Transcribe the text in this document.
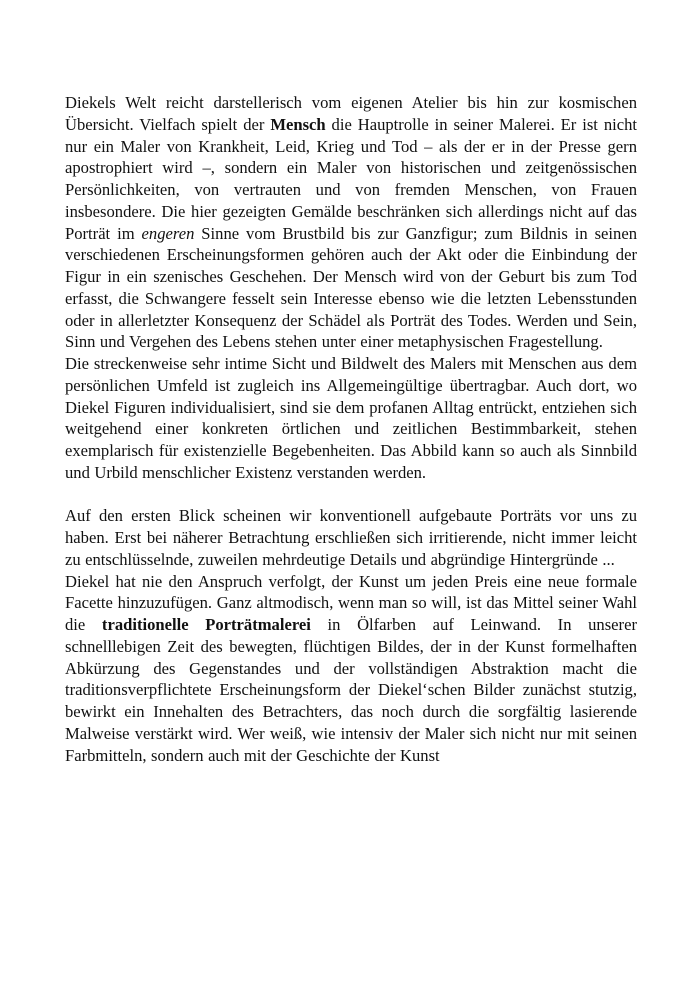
Diekels Welt reicht darstellerisch vom eigenen Atelier bis hin zur kosmischen Übersicht. Vielfach spielt der Mensch die Hauptrolle in seiner Malerei. Er ist nicht nur ein Maler von Krankheit, Leid, Krieg und Tod – als der er in der Presse gern apostrophiert wird –, sondern ein Maler von historischen und zeitgenössischen Persönlichkeiten, von vertrauten und von fremden Menschen, von Frauen insbesondere. Die hier gezeigten Gemälde beschränken sich allerdings nicht auf das Porträt im engeren Sinne vom Brustbild bis zur Ganzfigur; zum Bildnis in seinen verschiedenen Erscheinungsformen gehören auch der Akt oder die Einbindung der Figur in ein szenisches Geschehen. Der Mensch wird von der Geburt bis zum Tod erfasst, die Schwangere fesselt sein Interesse ebenso wie die letzten Lebensstunden oder in allerletzter Konsequenz der Schädel als Porträt des Todes. Werden und Sein, Sinn und Vergehen des Lebens stehen unter einer metaphysischen Fragestellung.

Die streckenweise sehr intime Sicht und Bildwelt des Malers mit Menschen aus dem persönlichen Umfeld ist zugleich ins Allgemeingültige übertragbar. Auch dort, wo Diekel Figuren individualisiert, sind sie dem profanen Alltag entrückt, entziehen sich weitgehend einer konkreten örtlichen und zeitlichen Bestimmbarkeit, stehen exemplarisch für existenzielle Begebenheiten. Das Abbild kann so auch als Sinnbild und Urbild menschlicher Existenz verstanden werden.

Auf den ersten Blick scheinen wir konventionell aufgebaute Porträts vor uns zu haben. Erst bei näherer Betrachtung erschließen sich irritierende, nicht immer leicht zu entschlüsselnde, zuweilen mehrdeutige Details und abgründige Hintergründe ...

Diekel hat nie den Anspruch verfolgt, der Kunst um jeden Preis eine neue formale Facette hinzuzufügen. Ganz altmodisch, wenn man so will, ist das Mittel seiner Wahl die traditionelle Porträtmalerei in Ölfarben auf Leinwand. In unserer schnelllebigen Zeit des bewegten, flüchtigen Bildes, der in der Kunst formelhaften Abkürzung des Gegenstandes und der vollständigen Abstraktion macht die traditionsverpflichtete Erscheinungsform der Diekel‘schen Bilder zunächst stutzig, bewirkt ein Innehalten des Betrachters, das noch durch die sorgfältig lasierende Malweise verstärkt wird. Wer weiß, wie intensiv der Maler sich nicht nur mit seinen Farbmitteln, sondern auch mit der Geschichte der Kunst
